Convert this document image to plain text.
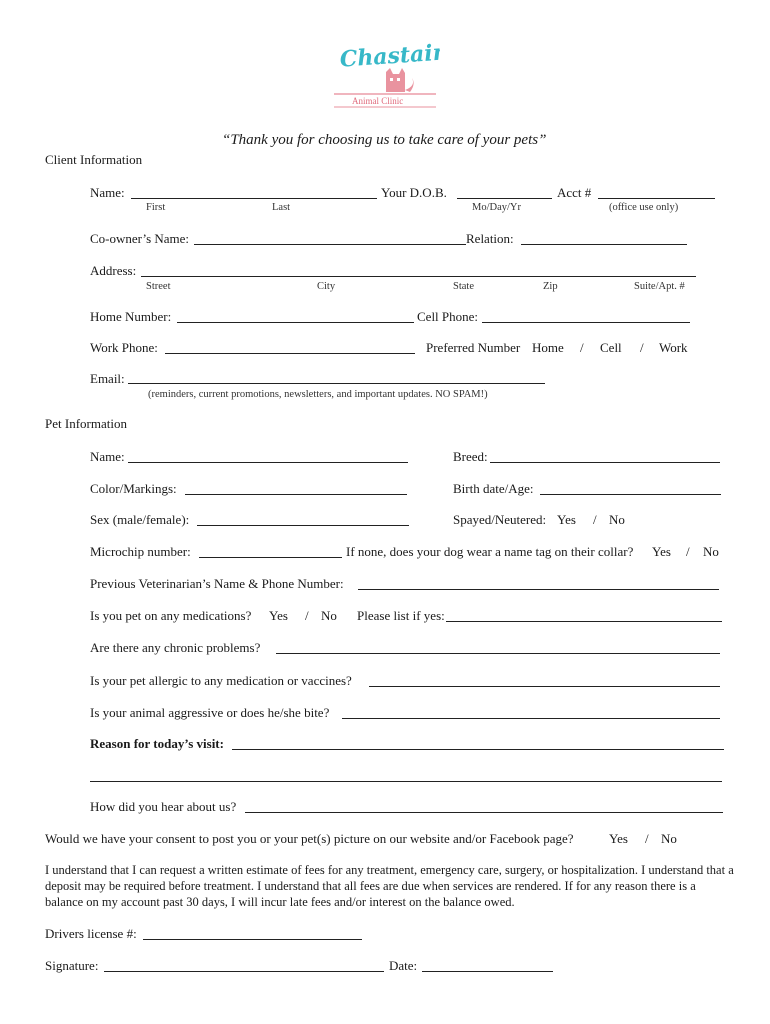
Chastain
Animal Clinic
“Thank you for choosing us to take care of your pets”
Client Information
Name:	Your D.O.B.	Acct #
First	Last	Mo/Day/Yr	(office use only)
Co-owner’s Name:	Relation:
Address:
Street	City	State	Zip	Suite/Apt. #
Home Number:	Cell Phone:
Work Phone:	Preferred Number Home / Cell / Work
Email:
(reminders, current promotions, newsletters, and important updates. NO SPAM!)
Pet Information
Name:	Breed:
Color/Markings:	Birth date/Age:
Sex (male/female):	Spayed/Neutered: Yes / No
Microchip number:	If none, does your dog wear a name tag on their collar? Yes / No
Previous Veterinarian’s Name & Phone Number:
Is you pet on any medications? Yes / No Please list if yes:
Are there any chronic problems?
Is your pet allergic to any medication or vaccines?
Is your animal aggressive or does he/she bite?
Reason for today’s visit:
How did you hear about us?
Would we have your consent to post you or your pet(s) picture on our website and/or Facebook page?	Yes / No
I understand that I can request a written estimate of fees for any treatment, emergency care, surgery, or hospitalization. I understand that a deposit may be required before treatment. I understand that all fees are due when services are rendered. If for any reason there is a balance on my account past 30 days, I will incur late fees and/or interest on the balance owed.
Drivers license #:
Signature:	Date:
